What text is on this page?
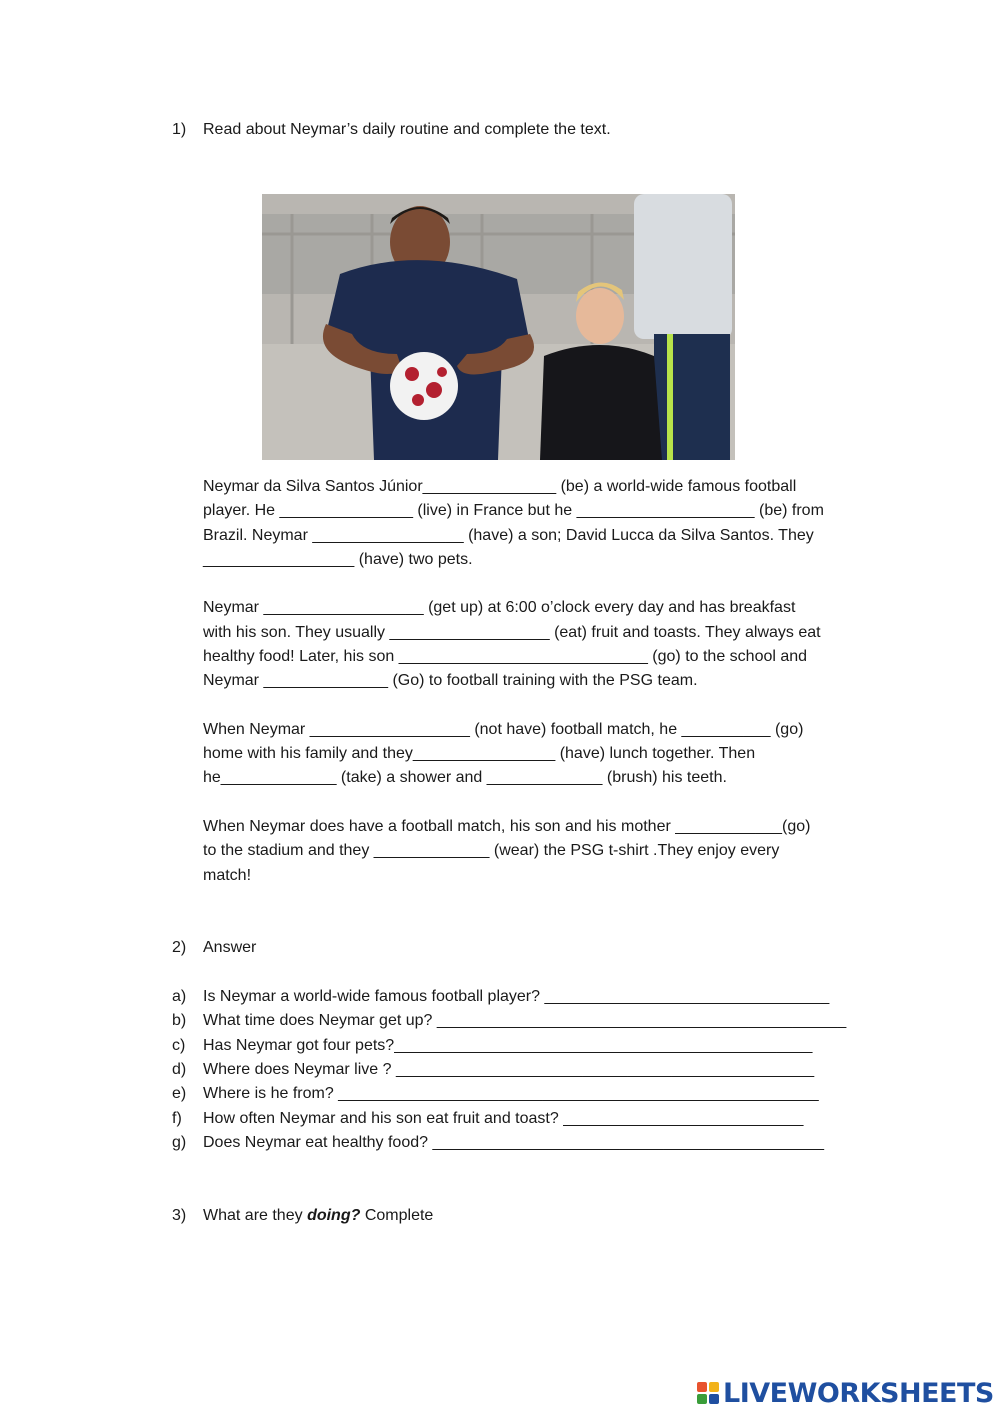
1) Read about Neymar’s daily routine and complete the text.
Neymar da Silva Santos Júnior_______________ (be) a world-wide famous football
player. He _______________ (live) in France but he ____________________ (be) from
Brazil. Neymar _________________ (have) a son; David Lucca da Silva Santos. They
_________________ (have) two pets.
Neymar __________________ (get up) at 6:00 o’clock every day and has breakfast
with his son. They usually __________________ (eat) fruit and toasts. They always eat
healthy food! Later, his son ____________________________ (go) to the school and
Neymar ______________ (Go) to football training with the PSG team.
When Neymar __________________ (not have) football match, he __________ (go)
home with his family and they________________ (have) lunch together. Then
he_____________ (take) a shower and _____________ (brush) his teeth.
When Neymar does have a football match, his son and his mother ____________(go)
to the stadium and they _____________ (wear) the PSG t-shirt .They enjoy every
match!
2) Answer
a) Is Neymar a world-wide famous football player? ________________________________
b) What time does Neymar get up? ______________________________________________
c) Has Neymar got four pets?_______________________________________________
d) Where does Neymar live ? _______________________________________________
e) Where is he from? ______________________________________________________
f) How often Neymar and his son eat fruit and toast? ___________________________
g) Does Neymar eat healthy food? ____________________________________________
3) What are they doing? Complete
LIVEWORKSHEETS
